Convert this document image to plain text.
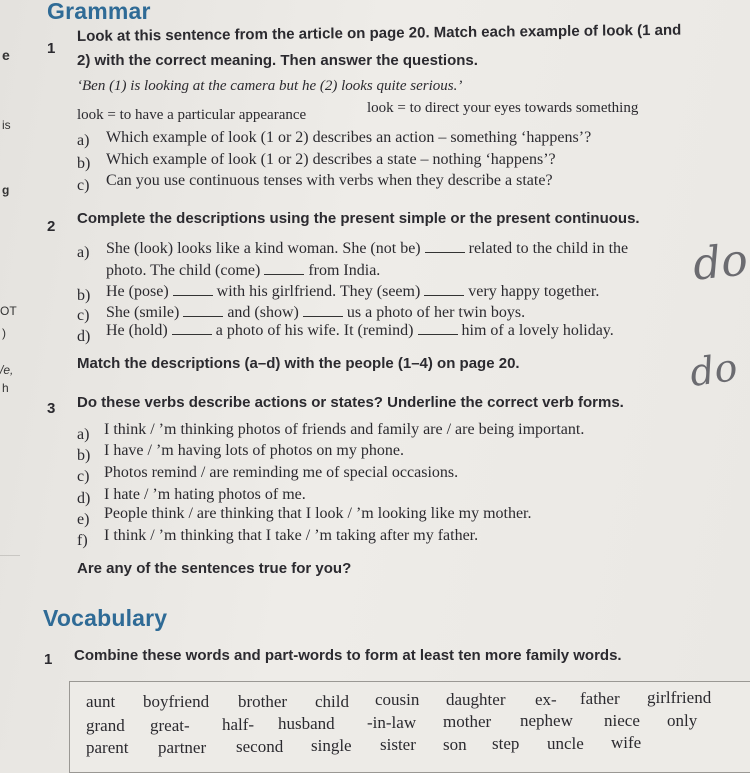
e
is
g
OT
)
/e,
h
Grammar
1
Look at this sentence from the article on page 20. Match each example of look (1 and
2) with the correct meaning. Then answer the questions.
‘Ben (1) is looking at the camera but he (2) looks quite serious.’
look = to have a particular appearance	look = to direct your eyes towards something
a) Which example of look (1 or 2) describes an action – something ‘happens’?
b) Which example of look (1 or 2) describes a state – nothing ‘happens’?
c) Can you use continuous tenses with verbs when they describe a state?
2 Complete the descriptions using the present simple or the present continuous.
a) She (look) looks like a kind woman. She (not be)	related to the child in the
photo. The child (come)	from India.
b) He (pose)	with his girlfriend. They (seem)	very happy together.
c) She (smile)	and (show)	us a photo of her twin boys.
d) He (hold)	a photo of his wife. It (remind)	him of a lovely holiday.
Match the descriptions (a–d) with the people (1–4) on page 20.
do
do
3 Do these verbs describe actions or states? Underline the correct verb forms.
a) I think / ’m thinking photos of friends and family are / are being important.
b) I have / ’m having lots of photos on my phone.
c) Photos remind / are reminding me of special occasions.
d) I hate / ’m hating photos of me.
e) People think / are thinking that I look / ’m looking like my mother.
f) I think / ’m thinking that I take / ’m taking after my father.
Are any of the sentences true for you?
Vocabulary
1 Combine these words and part-words to form at least ten more family words.
aunt boyfriend brother child cousin daughter ex- father girlfriend
grand great- half- husband -in-law mother nephew niece only
parent partner second single sister son step uncle wife
